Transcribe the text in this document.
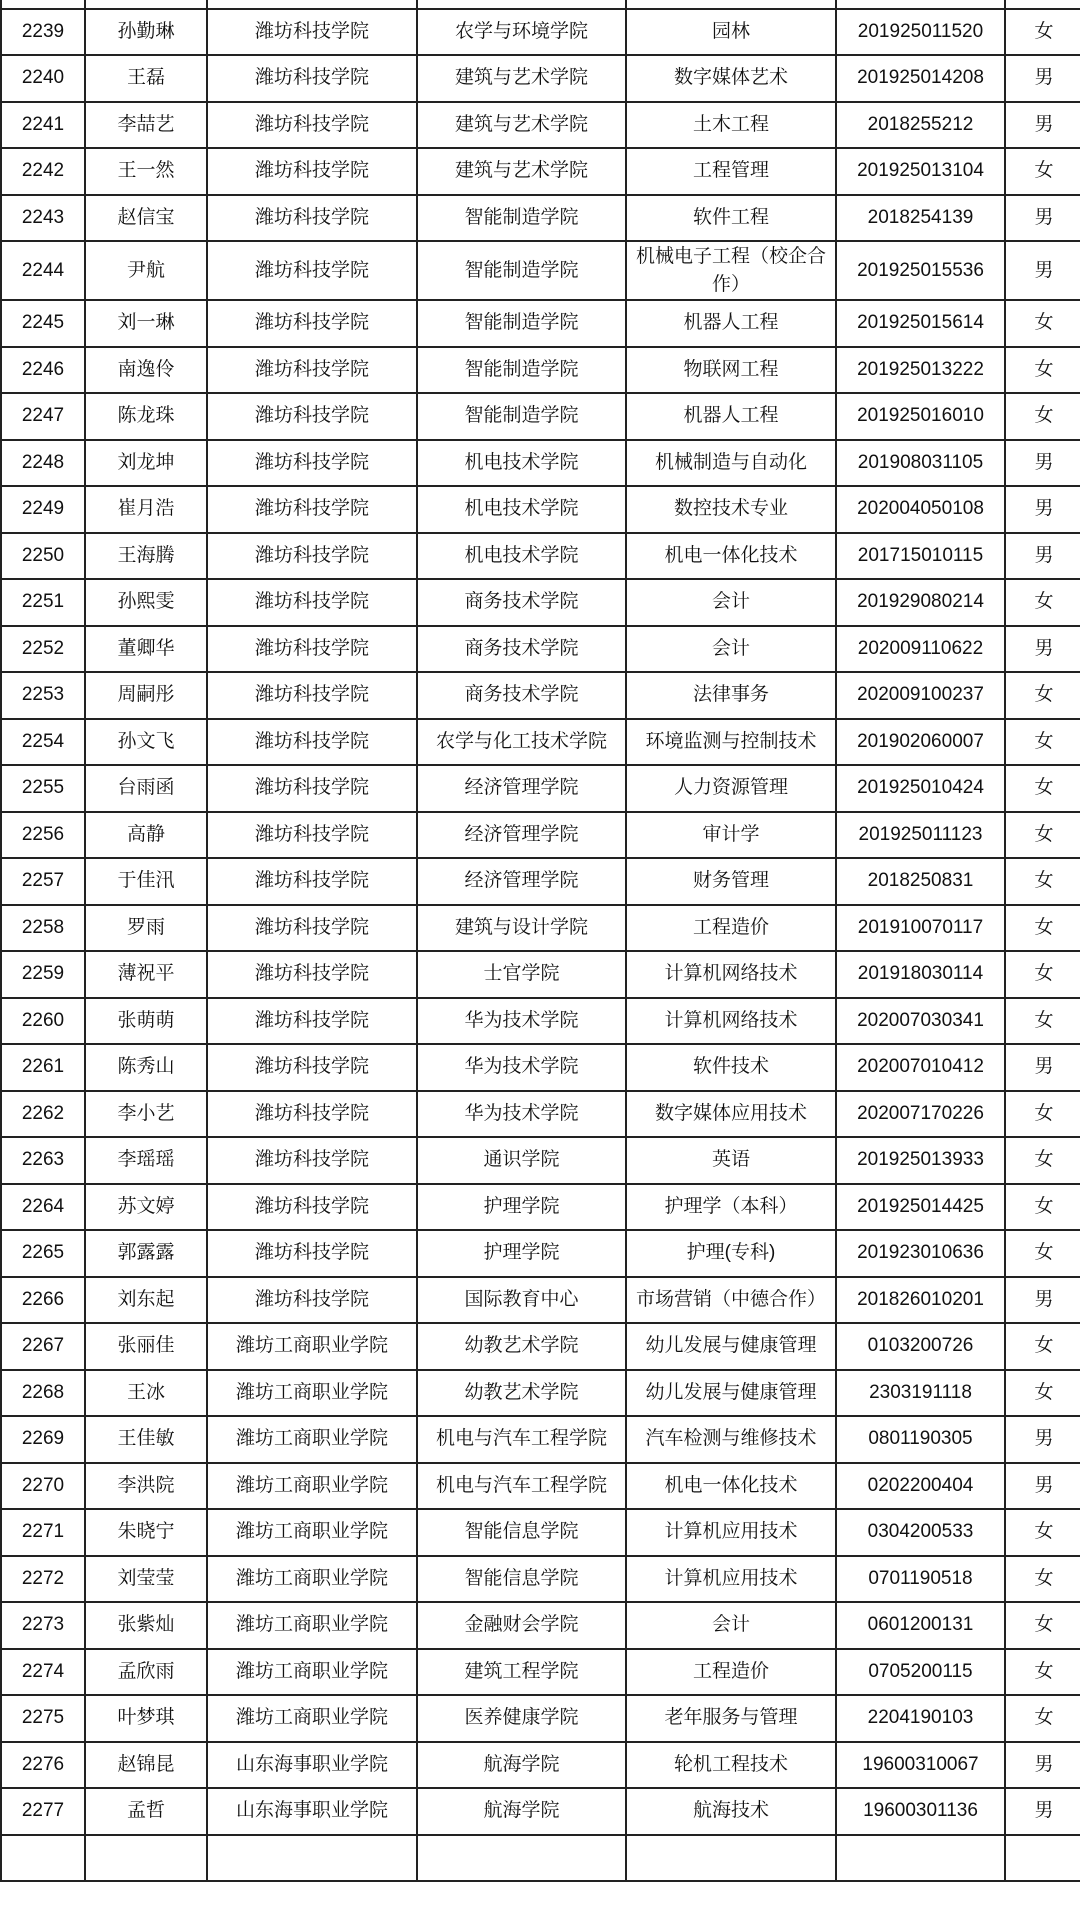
2239	孙勤琳	潍坊科技学院	农学与环境学院	园林	201925011520	女
2240	王磊	潍坊科技学院	建筑与艺术学院	数字媒体艺术	201925014208	男
2241	李喆艺	潍坊科技学院	建筑与艺术学院	土木工程	2018255212	男
2242	王一然	潍坊科技学院	建筑与艺术学院	工程管理	201925013104	女
2243	赵信宝	潍坊科技学院	智能制造学院	软件工程	2018254139	男
2244	尹航	潍坊科技学院	智能制造学院	机械电子工程（校企合作）	201925015536	男
2245	刘一琳	潍坊科技学院	智能制造学院	机器人工程	201925015614	女
2246	南逸伶	潍坊科技学院	智能制造学院	物联网工程	201925013222	女
2247	陈龙珠	潍坊科技学院	智能制造学院	机器人工程	201925016010	女
2248	刘龙坤	潍坊科技学院	机电技术学院	机械制造与自动化	201908031105	男
2249	崔月浩	潍坊科技学院	机电技术学院	数控技术专业	202004050108	男
2250	王海腾	潍坊科技学院	机电技术学院	机电一体化技术	201715010115	男
2251	孙熙雯	潍坊科技学院	商务技术学院	会计	201929080214	女
2252	董卿华	潍坊科技学院	商务技术学院	会计	202009110622	男
2253	周嗣彤	潍坊科技学院	商务技术学院	法律事务	202009100237	女
2254	孙文飞	潍坊科技学院	农学与化工技术学院	环境监测与控制技术	201902060007	女
2255	台雨函	潍坊科技学院	经济管理学院	人力资源管理	201925010424	女
2256	高静	潍坊科技学院	经济管理学院	审计学	201925011123	女
2257	于佳汛	潍坊科技学院	经济管理学院	财务管理	2018250831	女
2258	罗雨	潍坊科技学院	建筑与设计学院	工程造价	201910070117	女
2259	薄祝平	潍坊科技学院	士官学院	计算机网络技术	201918030114	女
2260	张萌萌	潍坊科技学院	华为技术学院	计算机网络技术	202007030341	女
2261	陈秀山	潍坊科技学院	华为技术学院	软件技术	202007010412	男
2262	李小艺	潍坊科技学院	华为技术学院	数字媒体应用技术	202007170226	女
2263	李瑶瑶	潍坊科技学院	通识学院	英语	201925013933	女
2264	苏文婷	潍坊科技学院	护理学院	护理学（本科）	201925014425	女
2265	郭露露	潍坊科技学院	护理学院	护理(专科)	201923010636	女
2266	刘东起	潍坊科技学院	国际教育中心	市场营销（中德合作）	201826010201	男
2267	张丽佳	潍坊工商职业学院	幼教艺术学院	幼儿发展与健康管理	0103200726	女
2268	王冰	潍坊工商职业学院	幼教艺术学院	幼儿发展与健康管理	2303191118	女
2269	王佳敏	潍坊工商职业学院	机电与汽车工程学院	汽车检测与维修技术	0801190305	男
2270	李洪院	潍坊工商职业学院	机电与汽车工程学院	机电一体化技术	0202200404	男
2271	朱晓宁	潍坊工商职业学院	智能信息学院	计算机应用技术	0304200533	女
2272	刘莹莹	潍坊工商职业学院	智能信息学院	计算机应用技术	0701190518	女
2273	张紫灿	潍坊工商职业学院	金融财会学院	会计	0601200131	女
2274	孟欣雨	潍坊工商职业学院	建筑工程学院	工程造价	0705200115	女
2275	叶梦琪	潍坊工商职业学院	医养健康学院	老年服务与管理	2204190103	女
2276	赵锦昆	山东海事职业学院	航海学院	轮机工程技术	19600310067	男
2277	孟哲	山东海事职业学院	航海学院	航海技术	19600301136	男
